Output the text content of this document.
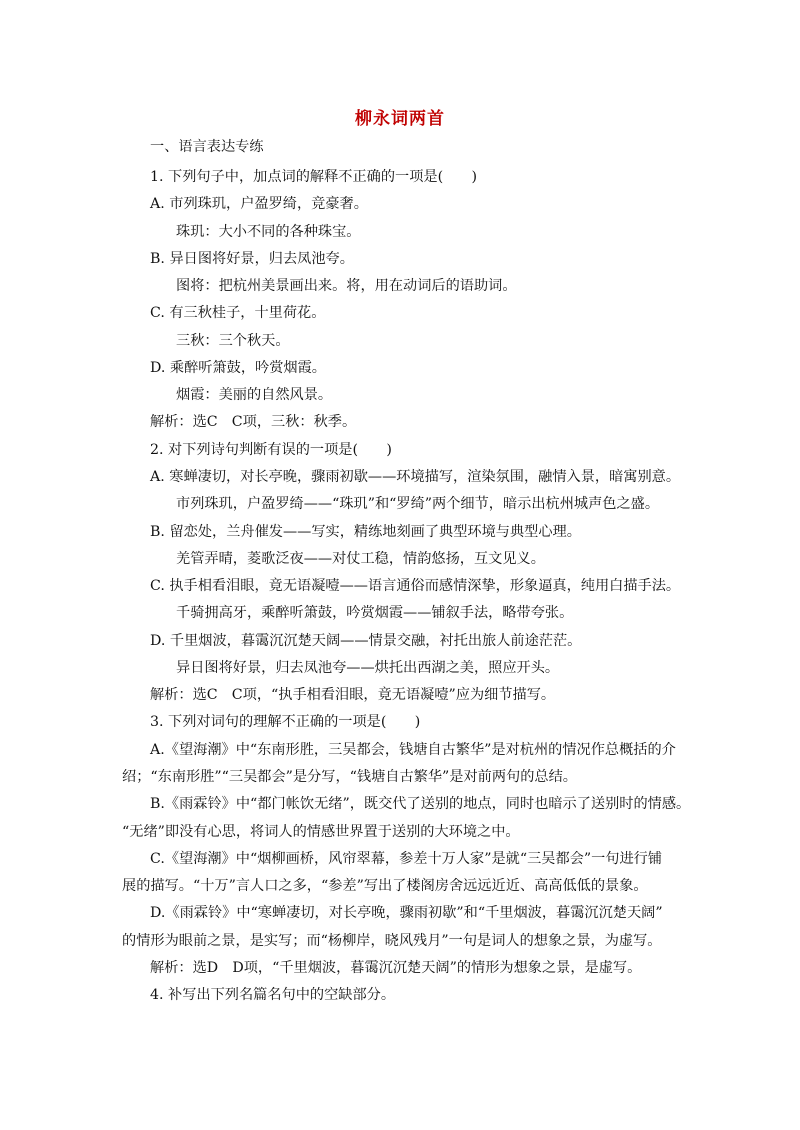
柳永词两首
一、语言表达专练
1. 下列句子中，加点词的解释不正确的一项是(　　)
A. 市列珠玑，户盈罗绮，竞豪奢。
珠玑：大小不同的各种珠宝。
B. 异日图将好景，归去凤池夸。
图将：把杭州美景画出来。将，用在动词后的语助词。
C. 有三秋桂子，十里荷花。
三秋：三个秋天。
D. 乘醉听箫鼓，吟赏烟霞。
烟霞：美丽的自然风景。
解析：选C　C项，三秋：秋季。
2. 对下列诗句判断有误的一项是(　　)
A. 寒蝉凄切，对长亭晚，骤雨初歇——环境描写，渲染氛围，融情入景，暗寓别意。
市列珠玑，户盈罗绮——“珠玑”和“罗绮”两个细节，暗示出杭州城声色之盛。
B. 留恋处，兰舟催发——写实，精练地刻画了典型环境与典型心理。
羌管弄晴，菱歌泛夜——对仗工稳，情韵悠扬，互文见义。
C. 执手相看泪眼，竟无语凝噎——语言通俗而感情深挚，形象逼真，纯用白描手法。
千骑拥高牙，乘醉听箫鼓，吟赏烟霞——铺叙手法，略带夸张。
D. 千里烟波，暮霭沉沉楚天阔——情景交融，衬托出旅人前途茫茫。
异日图将好景，归去凤池夸——烘托出西湖之美，照应开头。
解析：选C　C项，“执手相看泪眼，竟无语凝噎”应为细节描写。
3. 下列对词句的理解不正确的一项是(　　)
A.《望海潮》中“东南形胜，三吴都会，钱塘自古繁华”是对杭州的情况作总概括的介
绍；“东南形胜”“三吴都会”是分写，“钱塘自古繁华”是对前两句的总结。
B.《雨霖铃》中“都门帐饮无绪”，既交代了送别的地点，同时也暗示了送别时的情感。
“无绪”即没有心思，将词人的情感世界置于送别的大环境之中。
C.《望海潮》中“烟柳画桥，风帘翠幕，参差十万人家”是就“三吴都会”一句进行铺
展的描写。“十万”言人口之多，“参差”写出了楼阁房舍远远近近、高高低低的景象。
D.《雨霖铃》中“寒蝉凄切，对长亭晚，骤雨初歇”和“千里烟波，暮霭沉沉楚天阔”
的情形为眼前之景，是实写；而“杨柳岸，晓风残月”一句是词人的想象之景，为虚写。
解析：选D　D项，“千里烟波，暮霭沉沉楚天阔”的情形为想象之景，是虚写。
4. 补写出下列名篇名句中的空缺部分。
